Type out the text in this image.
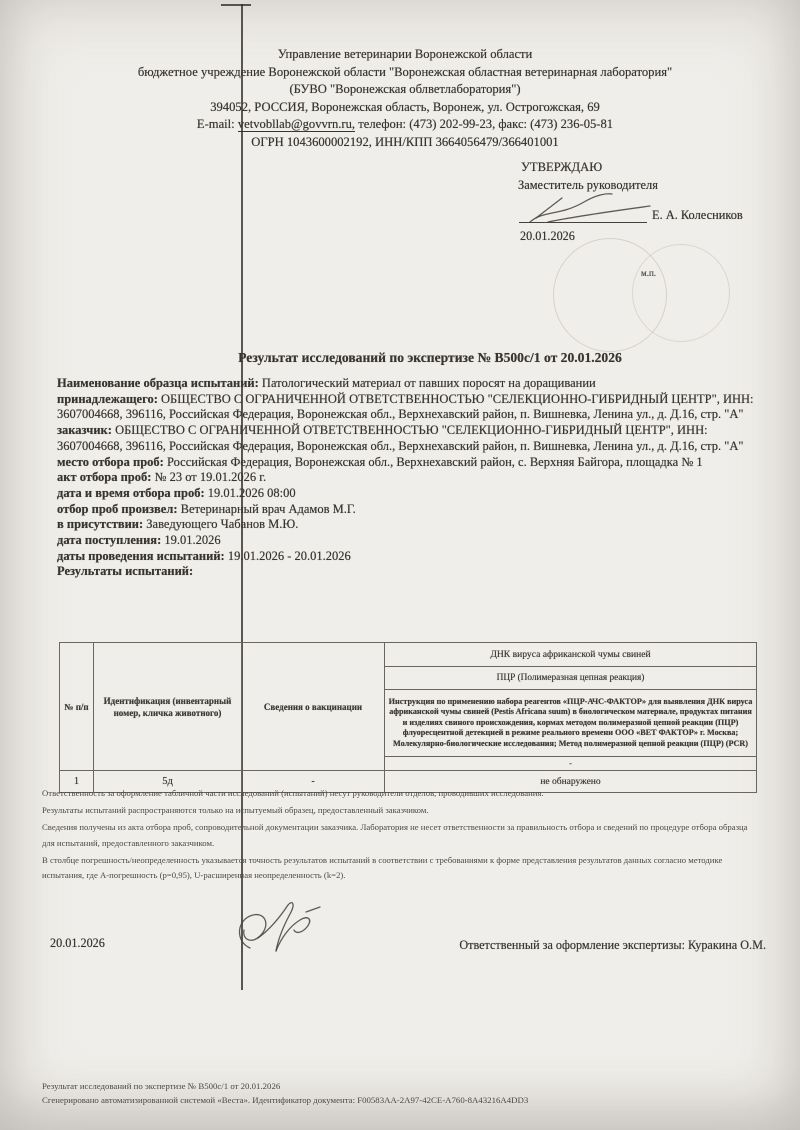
Управление ветеринарии Воронежской области
бюджетное учреждение Воронежской области "Воронежская областная ветеринарная лаборатория"
(БУВО "Воронежская облветлаборатория")
394052, РОССИЯ, Воронежская область, Воронеж, ул. Острогожская, 69
E-mail: vetvobllab@govvrn.ru, телефон: (473) 202-99-23, факс: (473) 236-05-81
ОГРН 1043600002192, ИНН/КПП 3664056479/366401001
УТВЕРЖДАЮ
Заместитель руководителя
Е. А. Колесников
20.01.2026
м.п.
Результат исследований по экспертизе № В500с/1 от 20.01.2026

Наименование образца испытаний: Патологический материал от павших поросят на доращивании

принадлежащего: ОБЩЕСТВО С ОГРАНИЧЕННОЙ ОТВЕТСТВЕННОСТЬЮ "СЕЛЕКЦИОННО-ГИБРИДНЫЙ ЦЕНТР", ИНН: 3607004668, 396116, Российская Федерация, Воронежская обл., Верхнехавский район, п. Вишневка, Ленина ул., д. Д.16, стр. "А"

заказчик: ОБЩЕСТВО С ОГРАНИЧЕННОЙ ОТВЕТСТВЕННОСТЬЮ "СЕЛЕКЦИОННО-ГИБРИДНЫЙ ЦЕНТР", ИНН: 3607004668, 396116, Российская Федерация, Воронежская обл., Верхнехавский район, п. Вишневка, Ленина ул., д. Д.16, стр. "А"

место отбора проб: Российская Федерация, Воронежская обл., Верхнехавский район, с. Верхняя Байгора, площадка № 1

акт отбора проб: № 23 от 19.01.2026 г.

дата и время отбора проб: 19.01.2026 08:00

отбор проб произвел: Ветеринарный врач Адамов М.Г.

в присутствии: Заведующего Чабанов М.Ю.

дата поступления: 19.01.2026

даты проведения испытаний: 19.01.2026 - 20.01.2026

Результаты испытаний:

№ п/п	Идентификация (инвентарный номер, кличка животного)	Сведения о вакцинации	ДНК вируса африканской чумы свиней
			ПЦР (Полимеразная цепная реакция)
			Инструкция по применению набора реагентов «ПЦР-АЧС-ФАКТОР» для выявления ДНК вируса африканской чумы свиней (Pestis Africana suum) в биологическом материале, продуктах питания и изделиях свиного происхождения, кормах методом полимеразной цепной реакции (ПЦР) флуоресцентной детекцией в режиме реального времени ООО «ВЕТ ФАКТОР» г. Москва; Молекулярно-биологические исследования; Метод полимеразной цепной реакции (ПЦР) (PCR)
			-
1	5д	-	не обнаружено

Ответственность за оформление табличной части исследований (испытаний) несут руководители отделов, проводивших исследования.

Результаты испытаний распространяются только на испытуемый образец, предоставленный заказчиком.

Сведения получены из акта отбора проб, сопроводительной документации заказчика. Лаборатория не несет ответственности за правильность отбора и сведений по процедуре отбора образца для испытаний, предоставленного заказчиком.

В столбце погрешность/неопределенность указывается точность результатов испытаний в соответствии с требованиями к форме представления результатов данных согласно методике испытания, где А-погрешность (p=0,95), U-расширенная неопределенность (k=2).

20.01.2026	Ответственный за оформление экспертизы: Куракина О.М.
Результат исследований по экспертизе № В500с/1 от 20.01.2026
Сгенерировано автоматизированной системой «Веста». Идентификатор документа: F00583AA-2A97-42CE-A760-8A43216A4DD3
